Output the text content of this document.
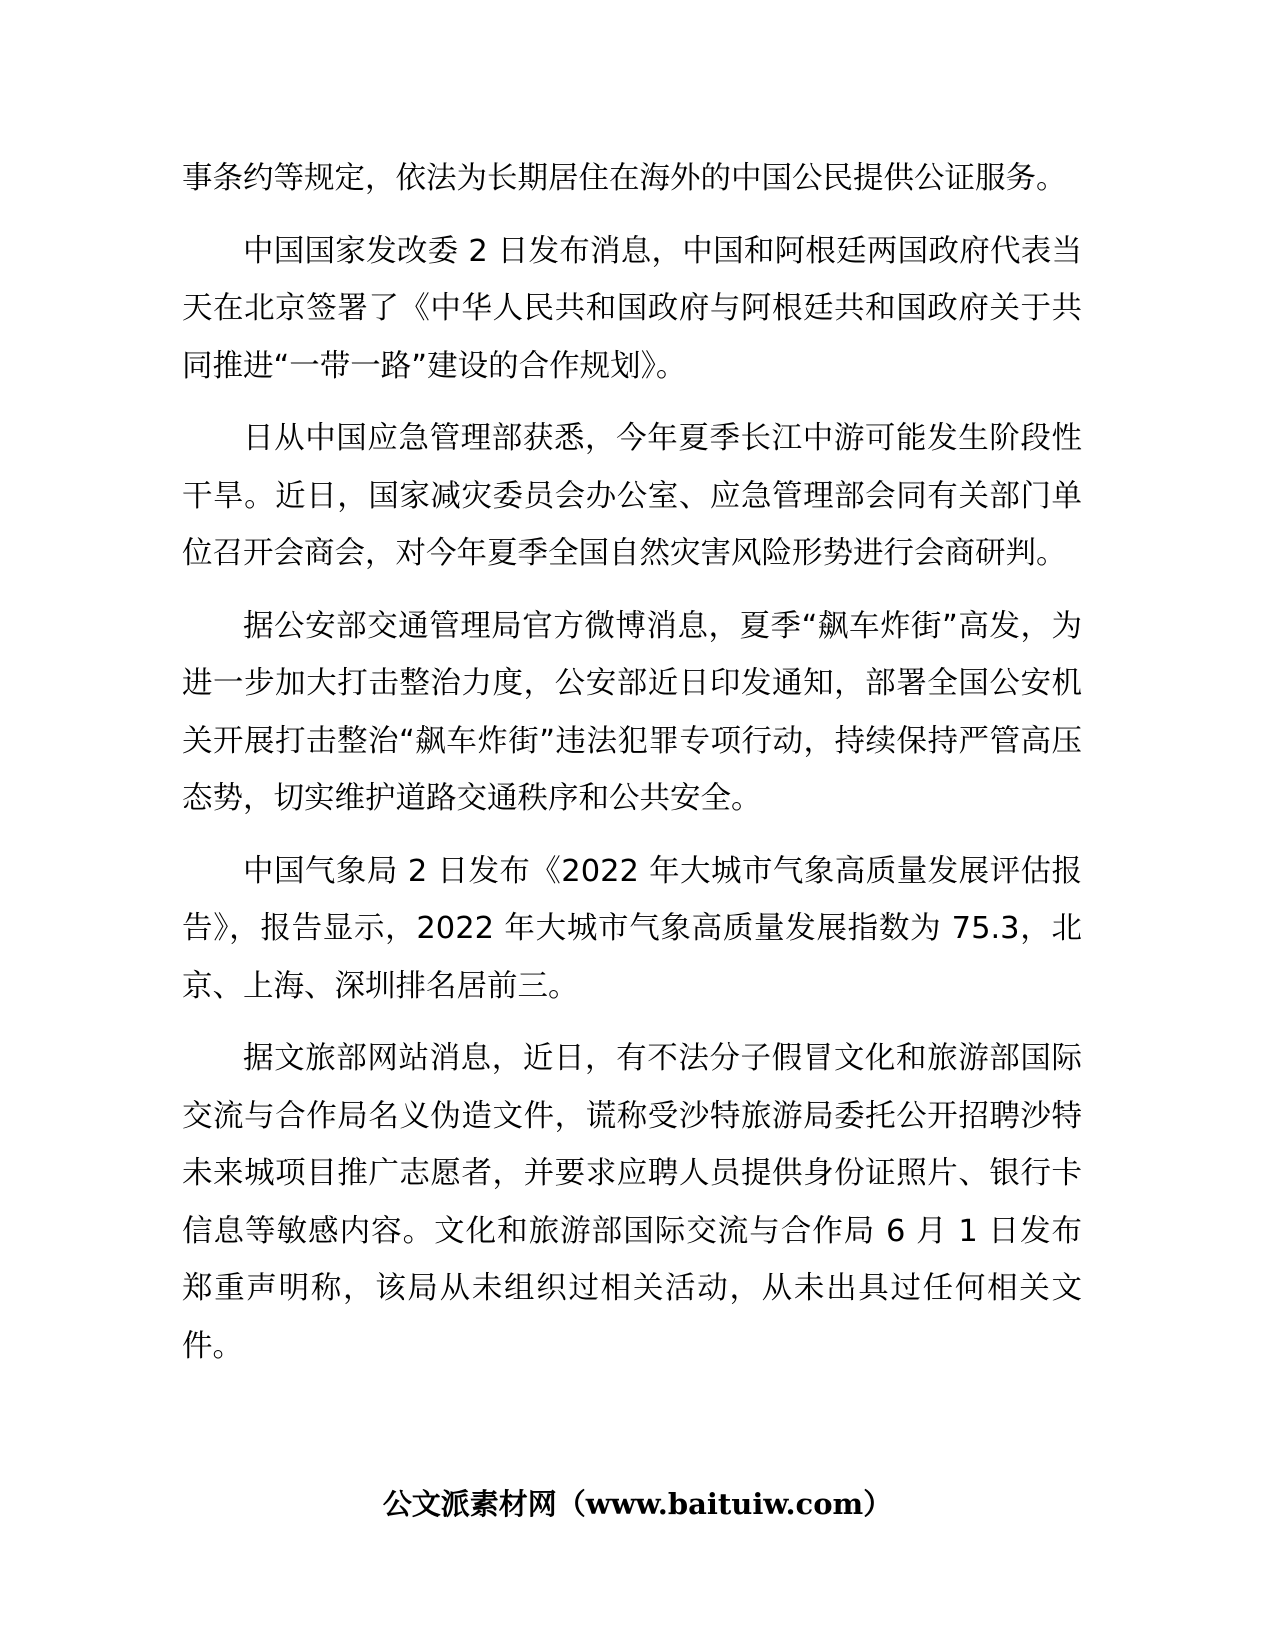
事条约等规定，依法为长期居住在海外的中国公民提供公证服务。

中国国家发改委 2 日发布消息，中国和阿根廷两国政府代表当天在北京签署了《中华人民共和国政府与阿根廷共和国政府关于共同推进“一带一路”建设的合作规划》。

日从中国应急管理部获悉，今年夏季长江中游可能发生阶段性干旱。近日，国家减灾委员会办公室、应急管理部会同有关部门单位召开会商会，对今年夏季全国自然灾害风险形势进行会商研判。

据公安部交通管理局官方微博消息，夏季“飙车炸街”高发，为进一步加大打击整治力度，公安部近日印发通知，部署全国公安机关开展打击整治“飙车炸街”违法犯罪专项行动，持续保持严管高压态势，切实维护道路交通秩序和公共安全。

中国气象局 2 日发布《2022 年大城市气象高质量发展评估报告》，报告显示，2022 年大城市气象高质量发展指数为 75.3，北京、上海、深圳排名居前三。

据文旅部网站消息，近日，有不法分子假冒文化和旅游部国际交流与合作局名义伪造文件，谎称受沙特旅游局委托公开招聘沙特未来城项目推广志愿者，并要求应聘人员提供身份证照片、银行卡信息等敏感内容。文化和旅游部国际交流与合作局 6 月 1 日发布郑重声明称，该局从未组织过相关活动，从未出具过任何相关文件。

公文派素材网（www.baituiw.com）
